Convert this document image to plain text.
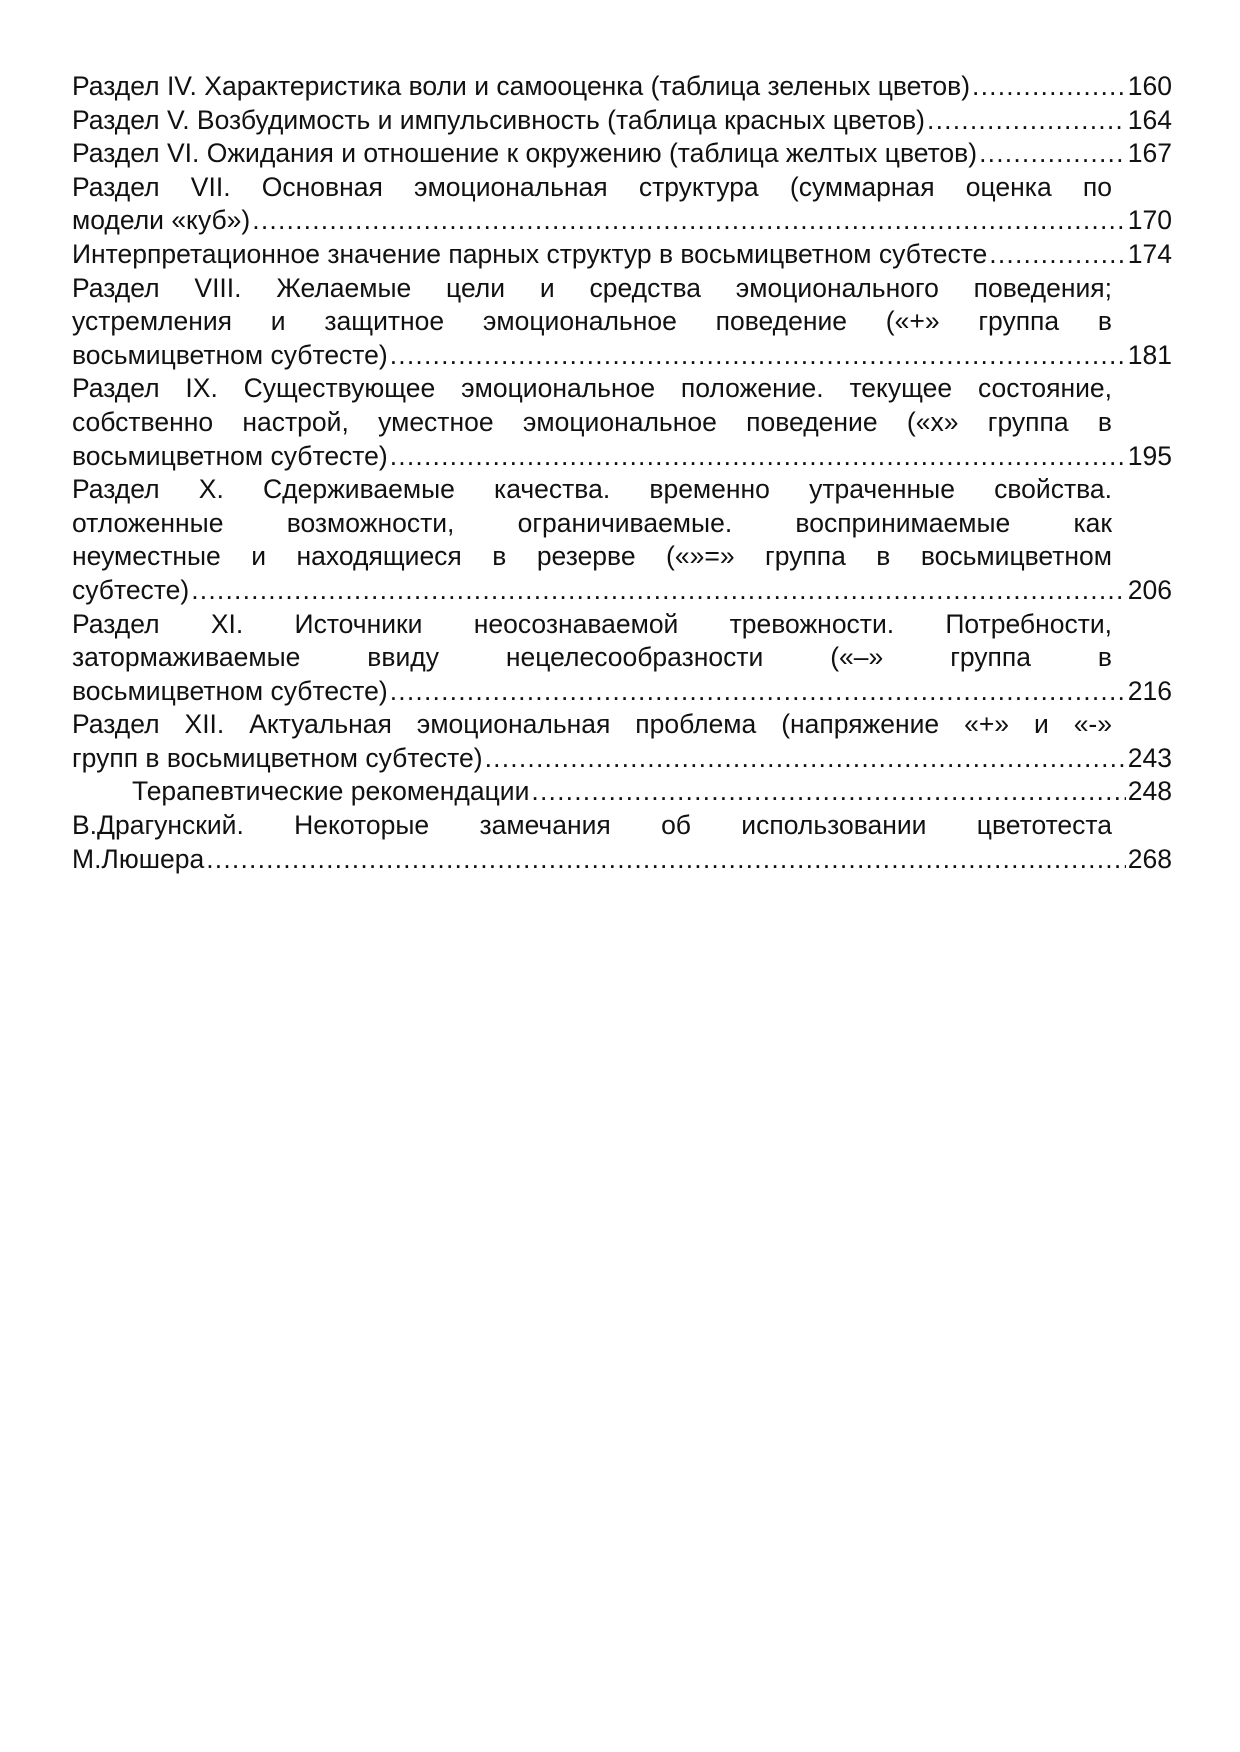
Раздел IV. Характеристика воли и самооценка (таблица зеленых цветов) .....	160
Раздел V. Возбудимость и импульсивность (таблица красных цветов) .....	164
Раздел VI. Ожидания и отношение к окружению (таблица желтых цветов) .....	167
Раздел VII. Основная эмоциональная структура (суммарная оценка по
модели «куб») .....	170
Интерпретационное значение парных структур в восьмицветном субтесте .....	174
Раздел VIII. Желаемые цели и средства эмоционального поведения;
устремления и защитное эмоциональное поведение («+» группа в
восьмицветном субтесте) .....	181
Раздел IX. Существующее эмоциональное положение. текущее состояние,
собственно настрой, уместное эмоциональное поведение («х» группа в
восьмицветном субтесте) .....	195
Раздел X. Сдерживаемые качества. временно утраченные свойства.
отложенные возможности, ограничиваемые. воспринимаемые как
неуместные и находящиеся в резерве («»=» группа в восьмицветном
субтесте) .....	206
Раздел XI. Источники неосознаваемой тревожности. Потребности,
затормаживаемые ввиду нецелесообразности («–» группа в
восьмицветном субтесте) .....	216
Раздел XII. Актуальная эмоциональная проблема (напряжение «+» и «-»
групп в восьмицветном субтесте) .....	243
Терапевтические рекомендации .....	248
В.Драгунский. Некоторые замечания об использовании цветотеста
М.Люшера .....	268
